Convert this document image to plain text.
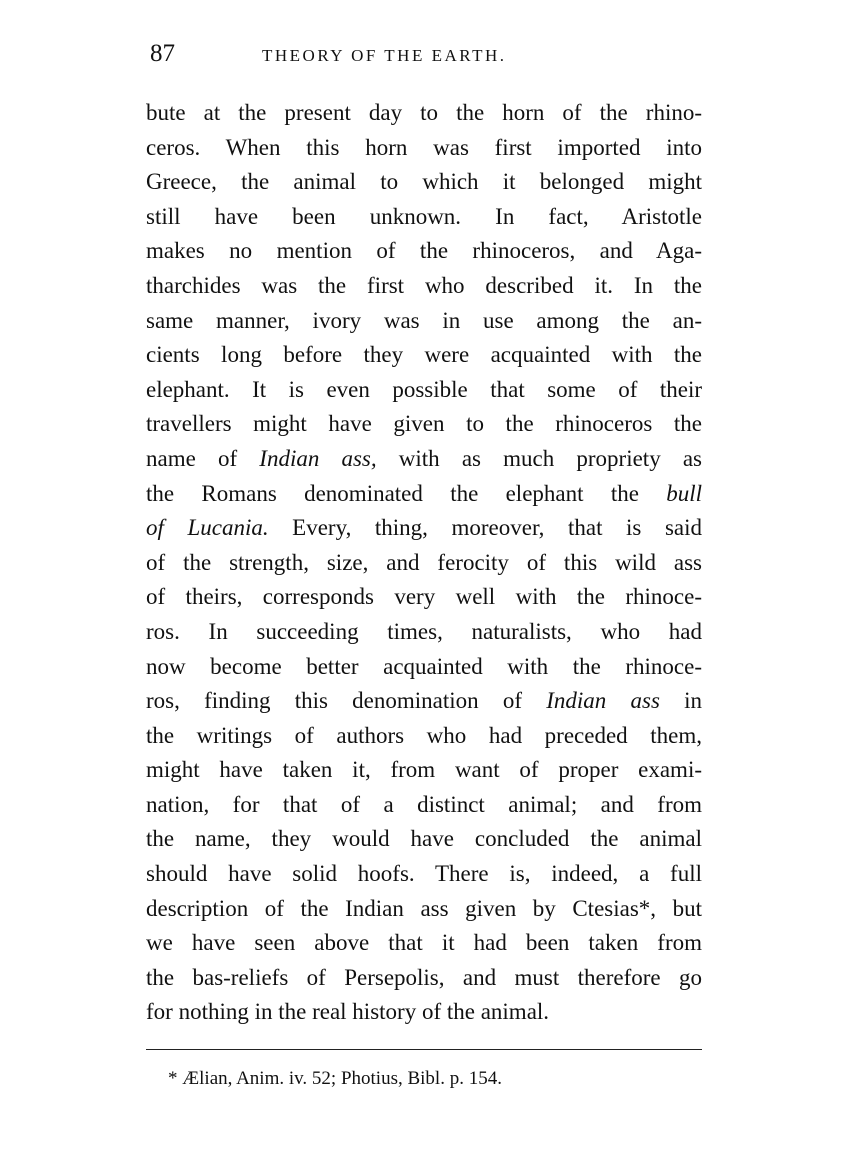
87	THEORY OF THE EARTH.
bute at the present day to the horn of the rhino-
ceros. When this horn was first imported into
Greece, the animal to which it belonged might
still have been unknown. In fact, Aristotle
makes no mention of the rhinoceros, and Aga-
tharchides was the first who described it. In the
same manner, ivory was in use among the an-
cients long before they were acquainted with the
elephant. It is even possible that some of their
travellers might have given to the rhinoceros the
name of Indian ass, with as much propriety as
the Romans denominated the elephant the bull
of Lucania. Every, thing, moreover, that is said
of the strength, size, and ferocity of this wild ass
of theirs, corresponds very well with the rhinoce-
ros. In succeeding times, naturalists, who had
now become better acquainted with the rhinoce-
ros, finding this denomination of Indian ass in
the writings of authors who had preceded them,
might have taken it, from want of proper exami-
nation, for that of a distinct animal; and from
the name, they would have concluded the animal
should have solid hoofs. There is, indeed, a full
description of the Indian ass given by Ctesias*, but
we have seen above that it had been taken from
the bas-reliefs of Persepolis, and must therefore go
for nothing in the real history of the animal.
* Ælian, Anim. iv. 52; Photius, Bibl. p. 154.
